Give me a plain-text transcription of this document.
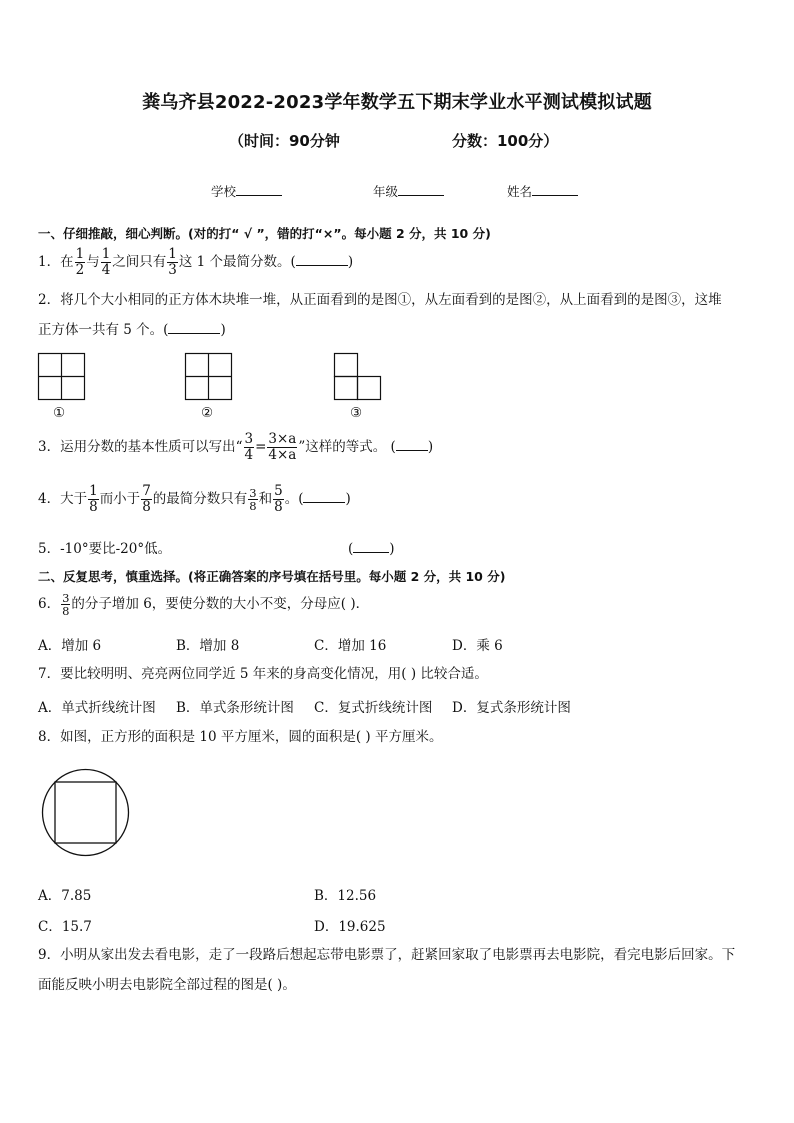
粪乌齐县2022-2023学年数学五下期末学业水平测试模拟试题
（时间：90分钟	分数：100分）
学校	年级	姓名
一、仔细推敲，细心判断。(对的打“ √ ”，错的打“×”。每小题 2 分，共 10 分)
1．在 $\frac{1}{2}$ 与 $\frac{1}{4}$ 之间只有 $\frac{1}{3}$ 这 1 个最简分数。(	)
2．将几个大小相同的正方体木块堆一堆，从正面看到的是图①，从左面看到的是图②，从上面看到的是图③，这堆
正方体一共有 5 个。(	)
①	②	③
3．运用分数的基本性质可以写出“ $\frac{3}{4} = \frac{3\times a}{4\times a}$ ”这样的等式。 ( )
4．大于 $\frac{1}{8}$ 而小于 $\frac{7}{8}$ 的最简分数只有 $\frac{3}{8}$ 和 $\frac{5}{8}$ 。(	)
5．-10°要比-20°低。	(	)
二、反复思考，慎重选择。(将正确答案的序号填在括号里。每小题 2 分，共 10 分)
6． $\frac{3}{8}$ 的分子增加 6，要使分数的大小不变，分母应( )．
A．增加 6	B．增加 8	C．增加 16	D．乘 6
7．要比较明明、亮亮两位同学近 5 年来的身高变化情况，用( ) 比较合适。
A．单式折线统计图 B．单式条形统计图 C．复式折线统计图 D．复式条形统计图
8．如图，正方形的面积是 10 平方厘米，圆的面积是( ) 平方厘米。
A．7.85	B．12.56
C．15.7	D．19.625
9．小明从家出发去看电影，走了一段路后想起忘带电影票了，赶紧回家取了电影票再去电影院，看完电影后回家。下
面能反映小明去电影院全部过程的图是( )。
